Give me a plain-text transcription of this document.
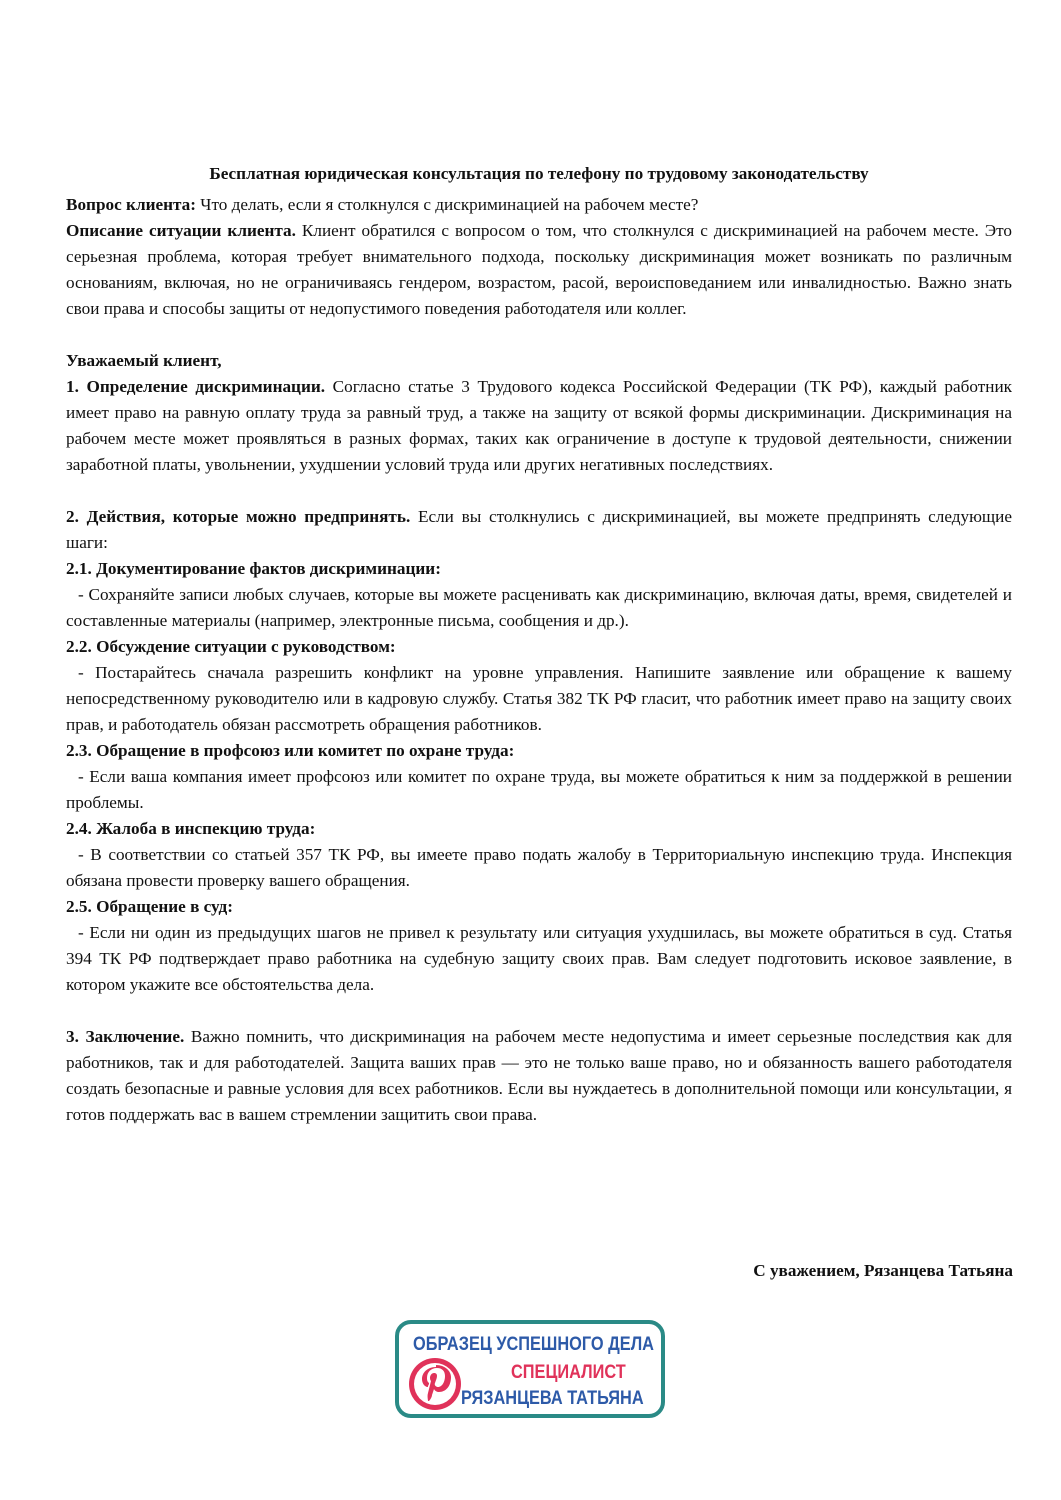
Бесплатная юридическая консультация по телефону по трудовому законодательству

Вопрос клиента: Что делать, если я столкнулся с дискриминацией на рабочем месте?

Описание ситуации клиента. Клиент обратился с вопросом о том, что столкнулся с дискриминацией на рабочем месте. Это серьезная проблема, которая требует внимательного подхода, поскольку дискриминация может возникать по различным основаниям, включая, но не ограничиваясь гендером, возрастом, расой, вероисповеданием или инвалидностью. Важно знать свои права и способы защиты от недопустимого поведения работодателя или коллег.

Уважаемый клиент,

1. Определение дискриминации. Согласно статье 3 Трудового кодекса Российской Федерации (ТК РФ), каждый работник имеет право на равную оплату труда за равный труд, а также на защиту от всякой формы дискриминации. Дискриминация на рабочем месте может проявляться в разных формах, таких как ограничение в доступе к трудовой деятельности, снижении заработной платы, увольнении, ухудшении условий труда или других негативных последствиях.

2. Действия, которые можно предпринять. Если вы столкнулись с дискриминацией, вы можете предпринять следующие шаги:

2.1. Документирование фактов дискриминации:

- Сохраняйте записи любых случаев, которые вы можете расценивать как дискриминацию, включая даты, время, свидетелей и составленные материалы (например, электронные письма, сообщения и др.).

2.2. Обсуждение ситуации с руководством:

- Постарайтесь сначала разрешить конфликт на уровне управления. Напишите заявление или обращение к вашему непосредственному руководителю или в кадровую службу. Статья 382 ТК РФ гласит, что работник имеет право на защиту своих прав, и работодатель обязан рассмотреть обращения работников.

2.3. Обращение в профсоюз или комитет по охране труда:

- Если ваша компания имеет профсоюз или комитет по охране труда, вы можете обратиться к ним за поддержкой в решении проблемы.

2.4. Жалоба в инспекцию труда:

- В соответствии со статьей 357 ТК РФ, вы имеете право подать жалобу в Территориальную инспекцию труда. Инспекция обязана провести проверку вашего обращения.

2.5. Обращение в суд:

- Если ни один из предыдущих шагов не привел к результату или ситуация ухудшилась, вы можете обратиться в суд. Статья 394 ТК РФ подтверждает право работника на судебную защиту своих прав. Вам следует подготовить исковое заявление, в котором укажите все обстоятельства дела.

3. Заключение. Важно помнить, что дискриминация на рабочем месте недопустима и имеет серьезные последствия как для работников, так и для работодателей. Защита ваших прав — это не только ваше право, но и обязанность вашего работодателя создать безопасные и равные условия для всех работников. Если вы нуждаетесь в дополнительной помощи или консультации, я готов поддержать вас в вашем стремлении защитить свои права.

С уважением, Рязанцева Татьяна
ОБРАЗЕЦ УСПЕШНОГО ДЕЛА
СПЕЦИАЛИСТ
РЯЗАНЦЕВА ТАТЬЯНА
